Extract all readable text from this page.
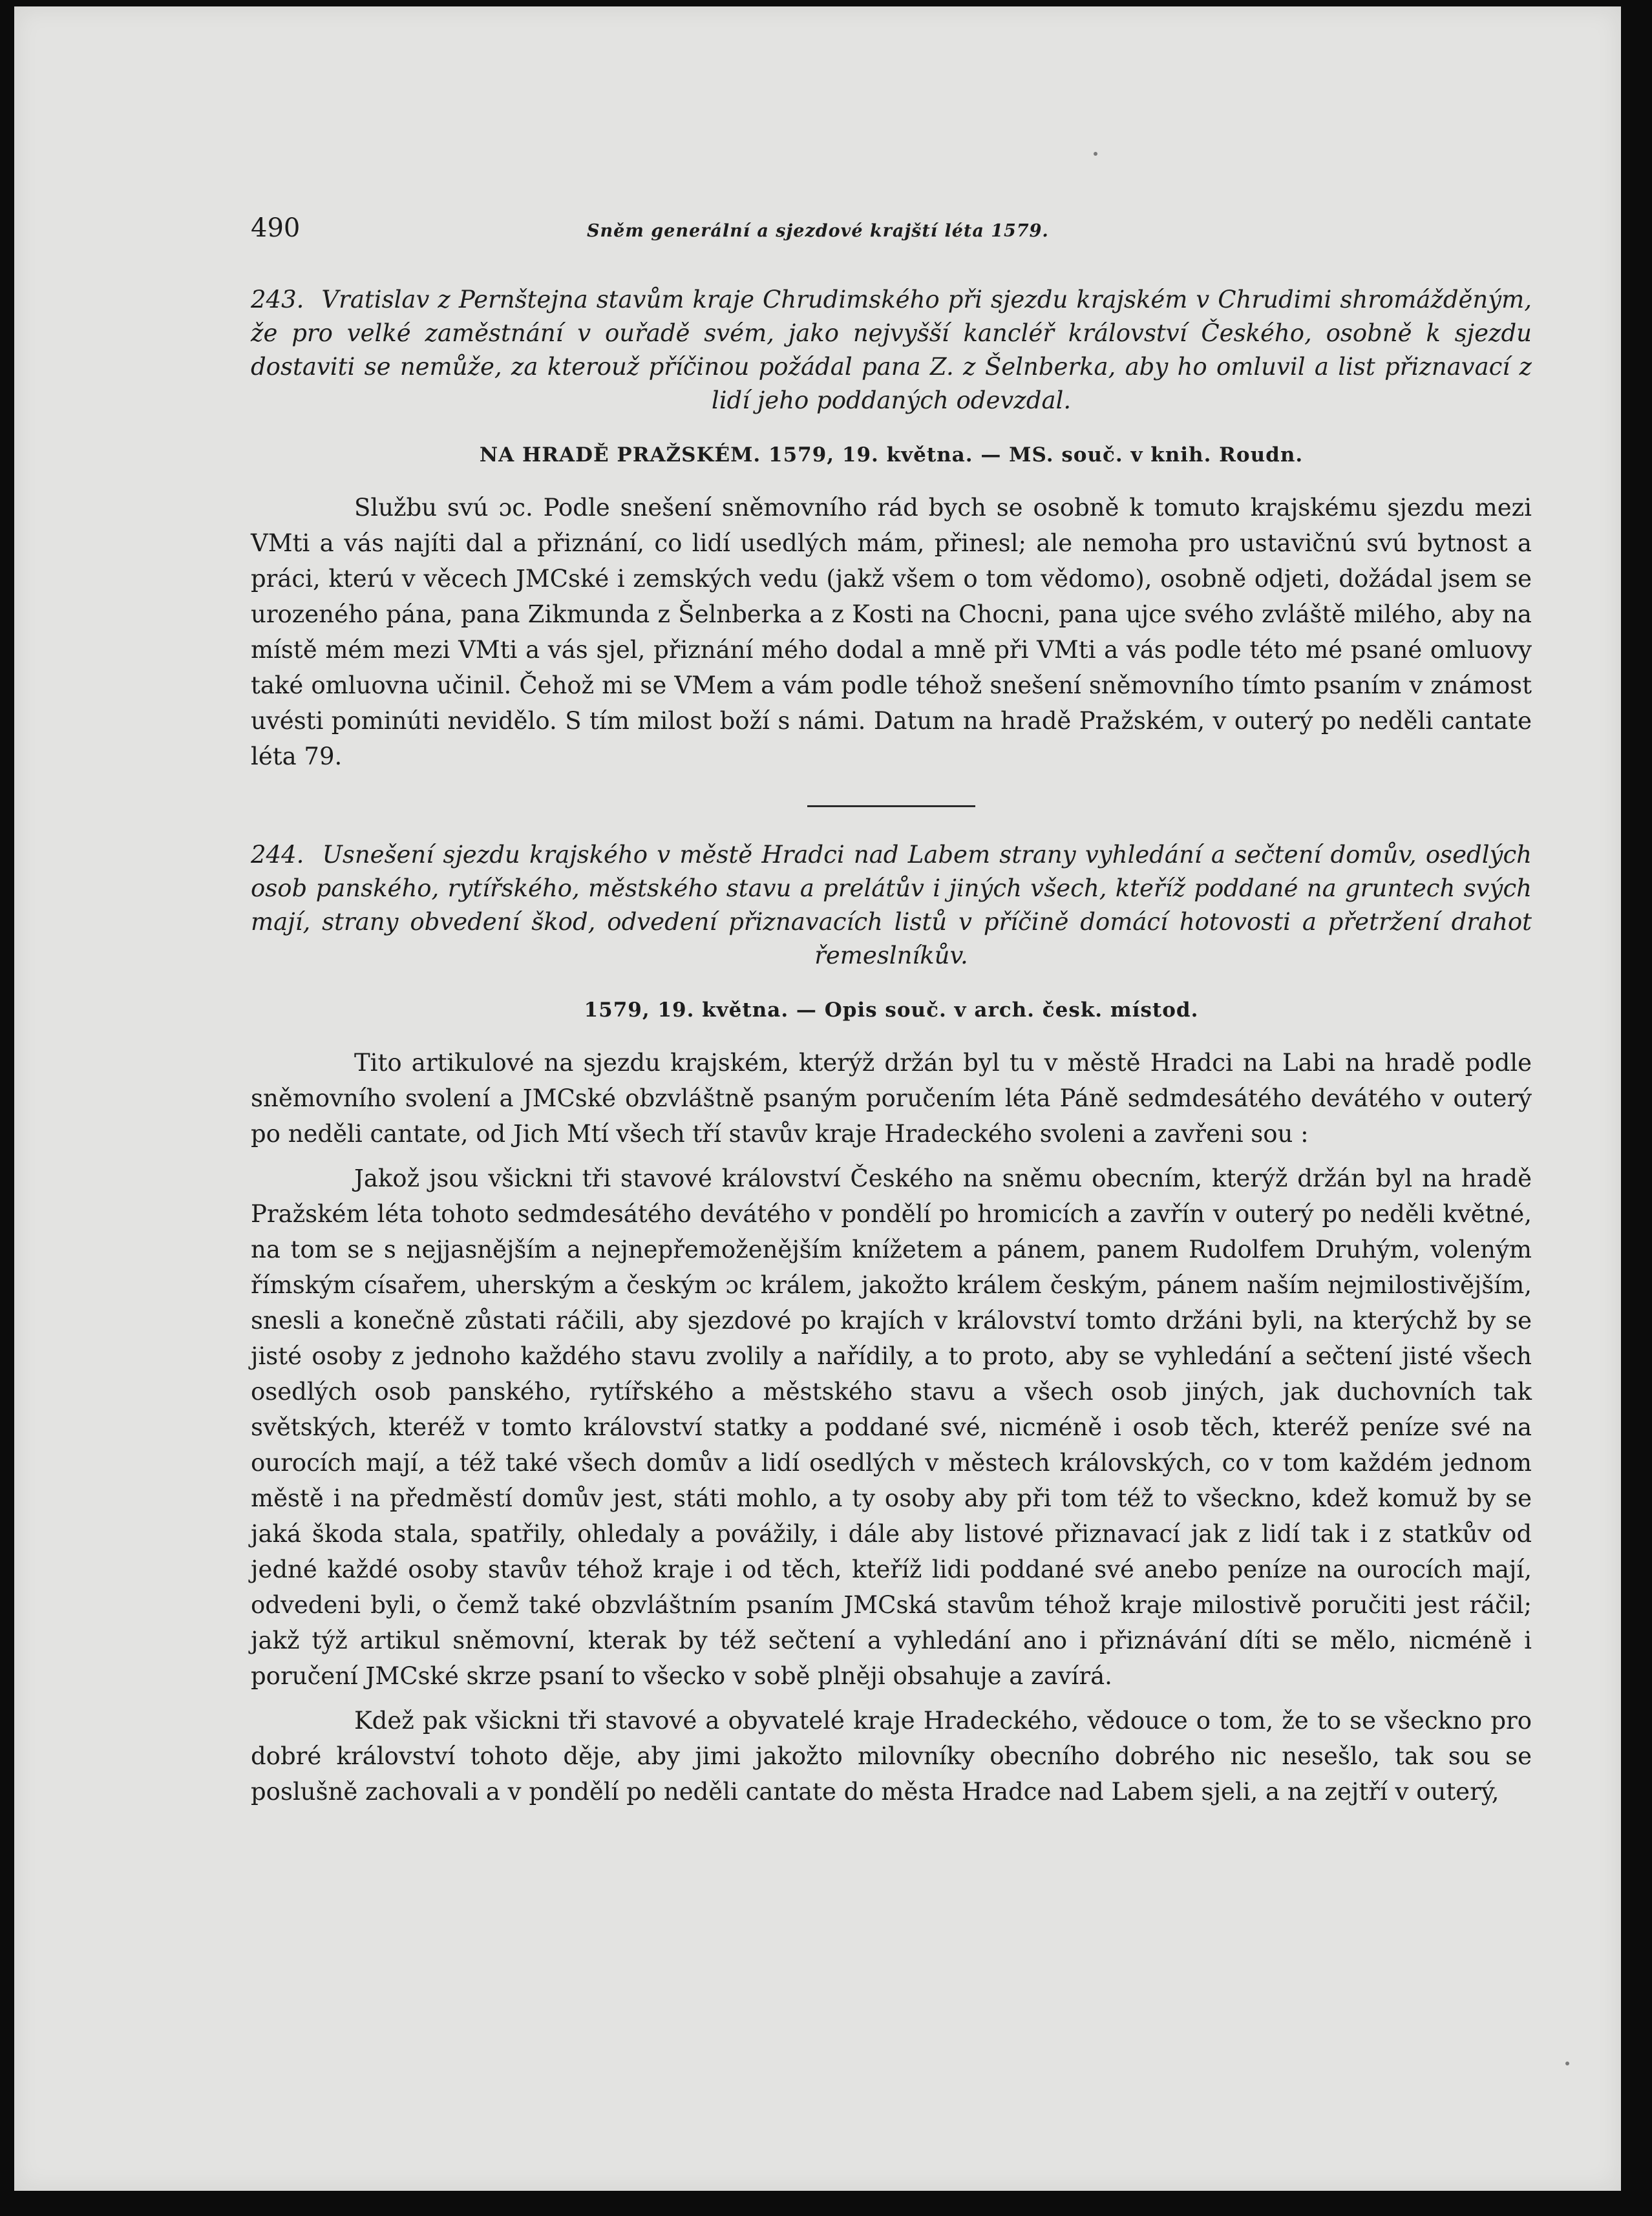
490	Sněm generální a sjezdové krajští léta 1579.
243. Vratislav z Pernštejna stavům kraje Chrudimského při sjezdu krajském v Chrudimi shromážděným, že pro velké zaměstnání v ouřadě svém, jako nejvyšší kancléř království Českého, osobně k sjezdu dostaviti se nemůže, za kterouž příčinou požádal pana Z. z Šelnberka, aby ho omluvil a list přiznavací z lidí jeho poddaných odevzdal.
NA HRADĚ PRAŽSKÉM. 1579, 19. května. — MS. souč. v knih. Roudn.

Službu svú ɔc. Podle snešení sněmovního rád bych se osobně k tomuto krajskému sjezdu mezi VMti a vás najíti dal a přiznání, co lidí usedlých mám, přinesl; ale nemoha pro ustavičnú svú bytnost a práci, kterú v věcech JMCské i zemských vedu (jakž všem o tom vědomo), osobně odjeti, dožádal jsem se urozeného pána, pana Zikmunda z Šelnberka a z Kosti na Chocni, pana ujce svého zvláště milého, aby na místě mém mezi VMti a vás sjel, přiznání mého dodal a mně při VMti a vás podle této mé psané omluovy také omluovna učinil. Čehož mi se VMem a vám podle téhož snešení sněmovního tímto psaním v známost uvésti pominúti nevidělo. S tím milost boží s námi. Datum na hradě Pražském, v outerý po neděli cantate léta 79.

244. Usnešení sjezdu krajského v městě Hradci nad Labem strany vyhledání a sečtení domův, osedlých osob panského, rytířského, městského stavu a prelátův i jiných všech, kteříž poddané na gruntech svých mají, strany obvedení škod, odvedení přiznavacích listů v příčině domácí hotovosti a přetržení drahot řemeslníkův.
1579, 19. května. — Opis souč. v arch. česk. místod.

Tito artikulové na sjezdu krajském, kterýž držán byl tu v městě Hradci na Labi na hradě podle sněmovního svolení a JMCské obzvláštně psaným poručením léta Páně sedmdesátého devátého v outerý po neděli cantate, od Jich Mtí všech tří stavův kraje Hradeckého svoleni a zavřeni sou :

Jakož jsou všickni tři stavové království Českého na sněmu obecním, kterýž držán byl na hradě Pražském léta tohoto sedmdesátého devátého v pondělí po hromicích a zavřín v outerý po neděli květné, na tom se s nejjasnějším a nejnepřemoženějším knížetem a pánem, panem Rudolfem Druhým, voleným římským císařem, uherským a českým ɔc králem, jakožto králem českým, pánem naším nejmilostivějším, snesli a konečně zůstati ráčili, aby sjezdové po krajích v království tomto držáni byli, na kterýchž by se jisté osoby z jednoho každého stavu zvolily a nařídily, a to proto, aby se vyhledání a sečtení jisté všech osedlých osob panského, rytířského a městského stavu a všech osob jiných, jak duchovních tak světských, kteréž v tomto království statky a poddané své, nicméně i osob těch, kteréž peníze své na ourocích mají, a též také všech domův a lidí osedlých v městech královských, co v tom každém jednom městě i na předměstí domův jest, státi mohlo, a ty osoby aby při tom též to všeckno, kdež komuž by se jaká škoda stala, spatřily, ohledaly a povážily, i dále aby listové přiznavací jak z lidí tak i z statkův od jedné každé osoby stavův téhož kraje i od těch, kteříž lidi poddané své anebo peníze na ourocích mají, odvedeni byli, o čemž také obzvláštním psaním JMCská stavům téhož kraje milostivě poručiti jest ráčil; jakž týž artikul sněmovní, kterak by též sečtení a vyhledání ano i přiznávání díti se mělo, nicméně i poručení JMCské skrze psaní to všecko v sobě plněji obsahuje a zavírá.

Kdež pak všickni tři stavové a obyvatelé kraje Hradeckého, vědouce o tom, že to se všeckno pro dobré království tohoto děje, aby jimi jakožto milovníky obecního dobrého nic nesešlo, tak sou se poslušně zachovali a v pondělí po neděli cantate do města Hradce nad Labem sjeli, a na zejtří v outerý,
